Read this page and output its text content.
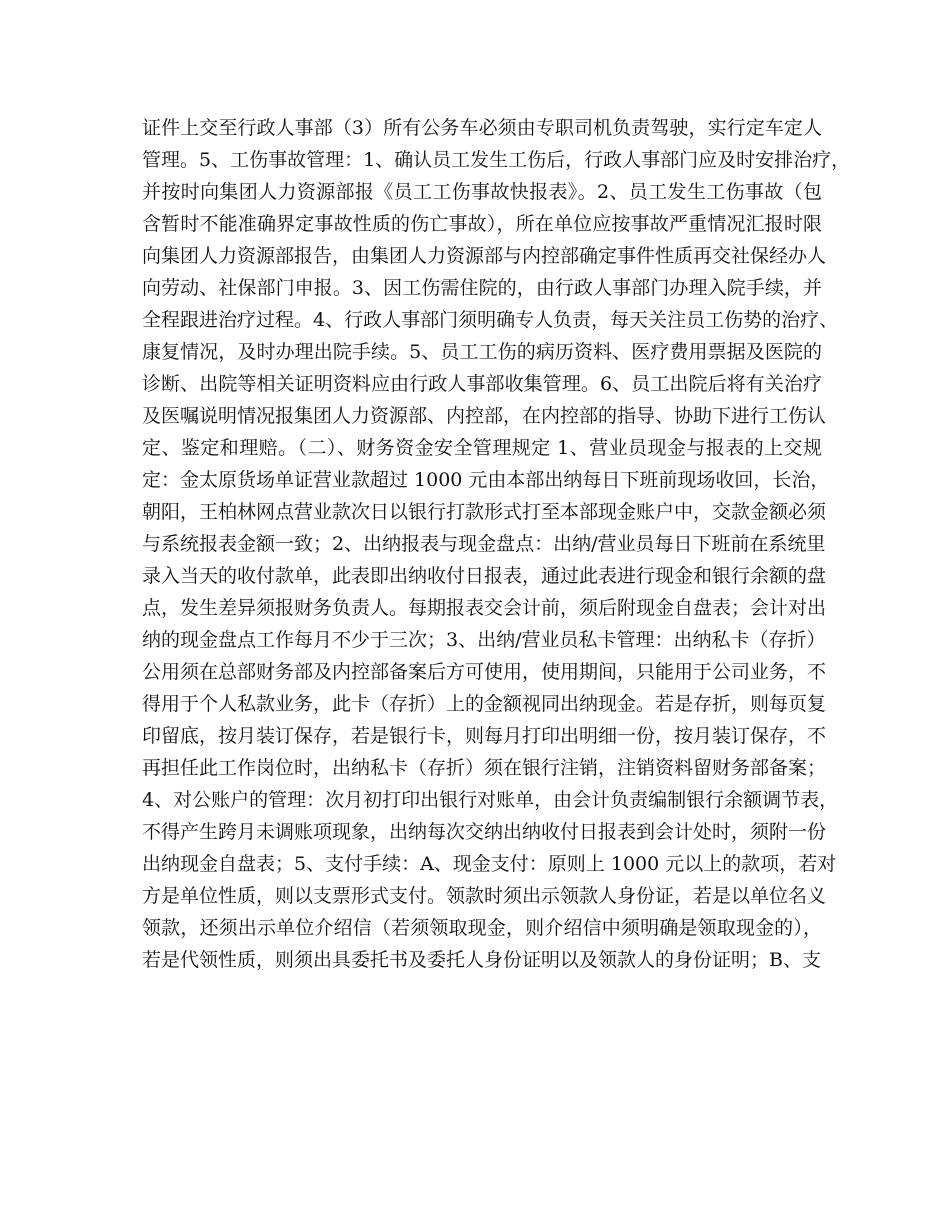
证件上交至行政人事部（3）所有公务车必须由专职司机负责驾驶，实行定车定人
管理。5、工伤事故管理：1、确认员工发生工伤后，行政人事部门应及时安排治疗，
并按时向集团人力资源部报《员工工伤事故快报表》。2、员工发生工伤事故（包
含暂时不能准确界定事故性质的伤亡事故），所在单位应按事故严重情况汇报时限
向集团人力资源部报告，由集团人力资源部与内控部确定事件性质再交社保经办人
向劳动、社保部门申报。3、因工伤需住院的，由行政人事部门办理入院手续，并
全程跟进治疗过程。4、行政人事部门须明确专人负责，每天关注员工伤势的治疗、
康复情况，及时办理出院手续。5、员工工伤的病历资料、医疗费用票据及医院的
诊断、出院等相关证明资料应由行政人事部收集管理。6、员工出院后将有关治疗
及医嘱说明情况报集团人力资源部、内控部，在内控部的指导、协助下进行工伤认
定、鉴定和理赔。（二）、财务资金安全管理规定 1、营业员现金与报表的上交规
定：金太原货场单证营业款超过 1000 元由本部出纳每日下班前现场收回，长治，
朝阳，王柏林网点营业款次日以银行打款形式打至本部现金账户中，交款金额必须
与系统报表金额一致；2、出纳报表与现金盘点：出纳/营业员每日下班前在系统里
录入当天的收付款单，此表即出纳收付日报表，通过此表进行现金和银行余额的盘
点，发生差异须报财务负责人。每期报表交会计前，须后附现金自盘表；会计对出
纳的现金盘点工作每月不少于三次；3、出纳/营业员私卡管理：出纳私卡（存折）
公用须在总部财务部及内控部备案后方可使用，使用期间，只能用于公司业务，不
得用于个人私款业务，此卡（存折）上的金额视同出纳现金。若是存折，则每页复
印留底，按月装订保存，若是银行卡，则每月打印出明细一份，按月装订保存，不
再担任此工作岗位时，出纳私卡（存折）须在银行注销，注销资料留财务部备案；
4、对公账户的管理：次月初打印出银行对账单，由会计负责编制银行余额调节表，
不得产生跨月未调账项现象，出纳每次交纳出纳收付日报表到会计处时，须附一份
出纳现金自盘表；5、支付手续：A、现金支付：原则上 1000 元以上的款项，若对
方是单位性质，则以支票形式支付。领款时须出示领款人身份证，若是以单位名义
领款，还须出示单位介绍信（若须领取现金，则介绍信中须明确是领取现金的），
若是代领性质，则须出具委托书及委托人身份证明以及领款人的身份证明；B、支
